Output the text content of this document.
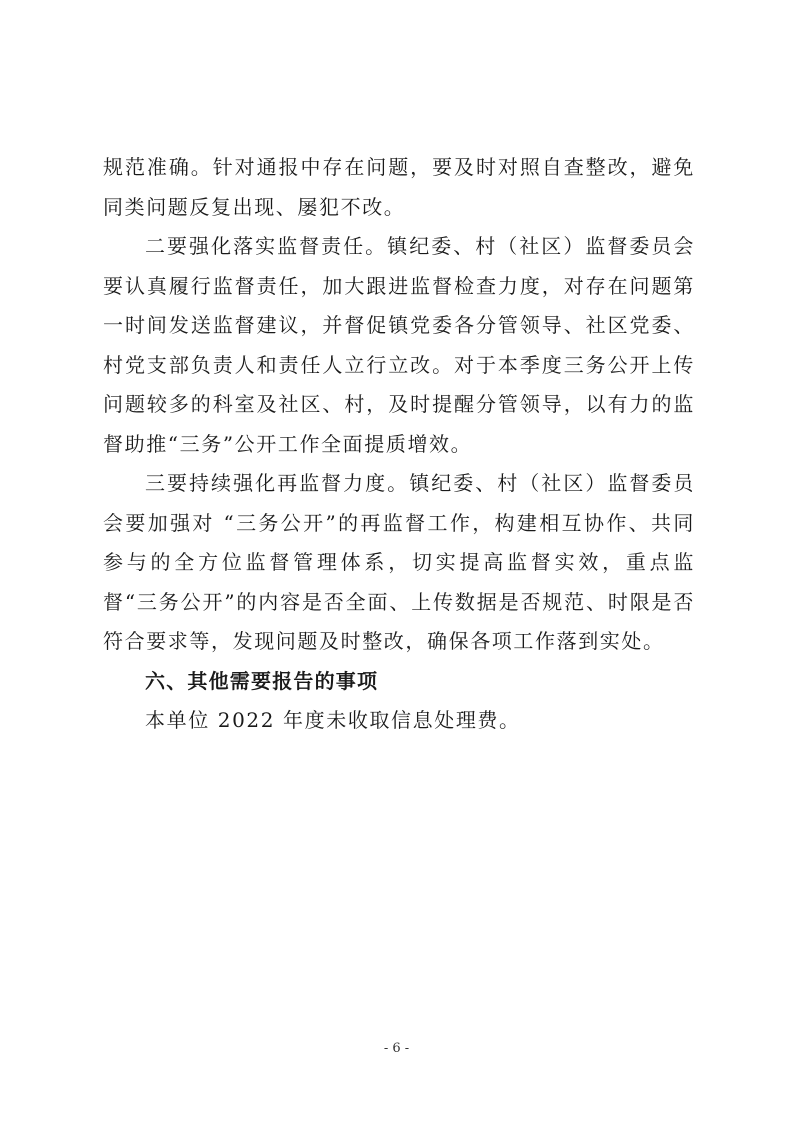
规范准确。针对通报中存在问题，要及时对照自查整改，避免同类问题反复出现、屡犯不改。

二要强化落实监督责任。镇纪委、村（社区）监督委员会要认真履行监督责任，加大跟进监督检查力度，对存在问题第一时间发送监督建议，并督促镇党委各分管领导、社区党委、村党支部负责人和责任人立行立改。对于本季度三务公开上传问题较多的科室及社区、村，及时提醒分管领导，以有力的监督助推“三务”公开工作全面提质增效。

三要持续强化再监督力度。镇纪委、村（社区）监督委员会要加强对 “三务公开”的再监督工作，构建相互协作、共同参与的全方位监督管理体系，切实提高监督实效，重点监督“三务公开”的内容是否全面、上传数据是否规范、时限是否符合要求等，发现问题及时整改，确保各项工作落到实处。

六、其他需要报告的事项

本单位 2022 年度未收取信息处理费。

- 6 -
